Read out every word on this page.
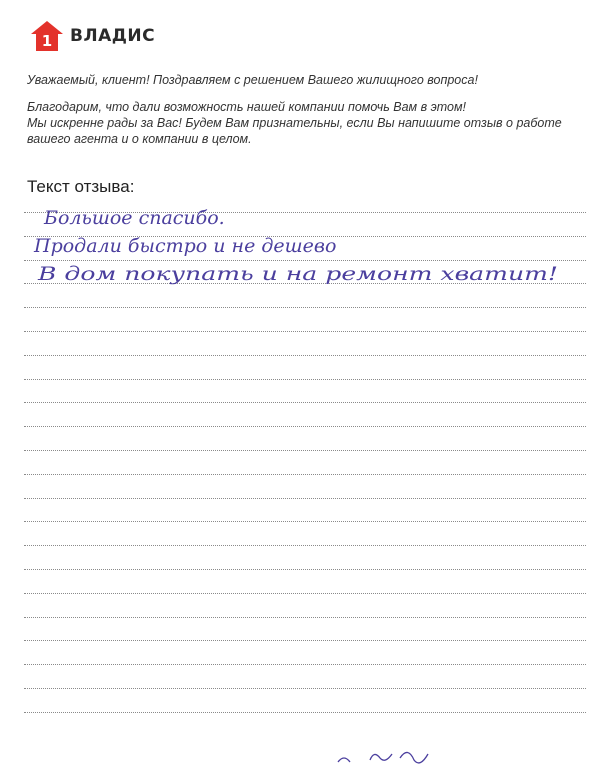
1 ВЛАДИС

Уважаемый, клиент! Поздравляем с решением Вашего жилищного вопроса!

Благодарим, что дали возможность нашей компании помочь Вам в этом!

Мы искренне рады за Вас! Будем Вам признательны, если Вы напишите отзыв о работе

вашего агента и о компании в целом.

Текст отзыва:
Большое спасибо.
Продали быстро и не дешево
В дом покупать и на ремонт хватит!
